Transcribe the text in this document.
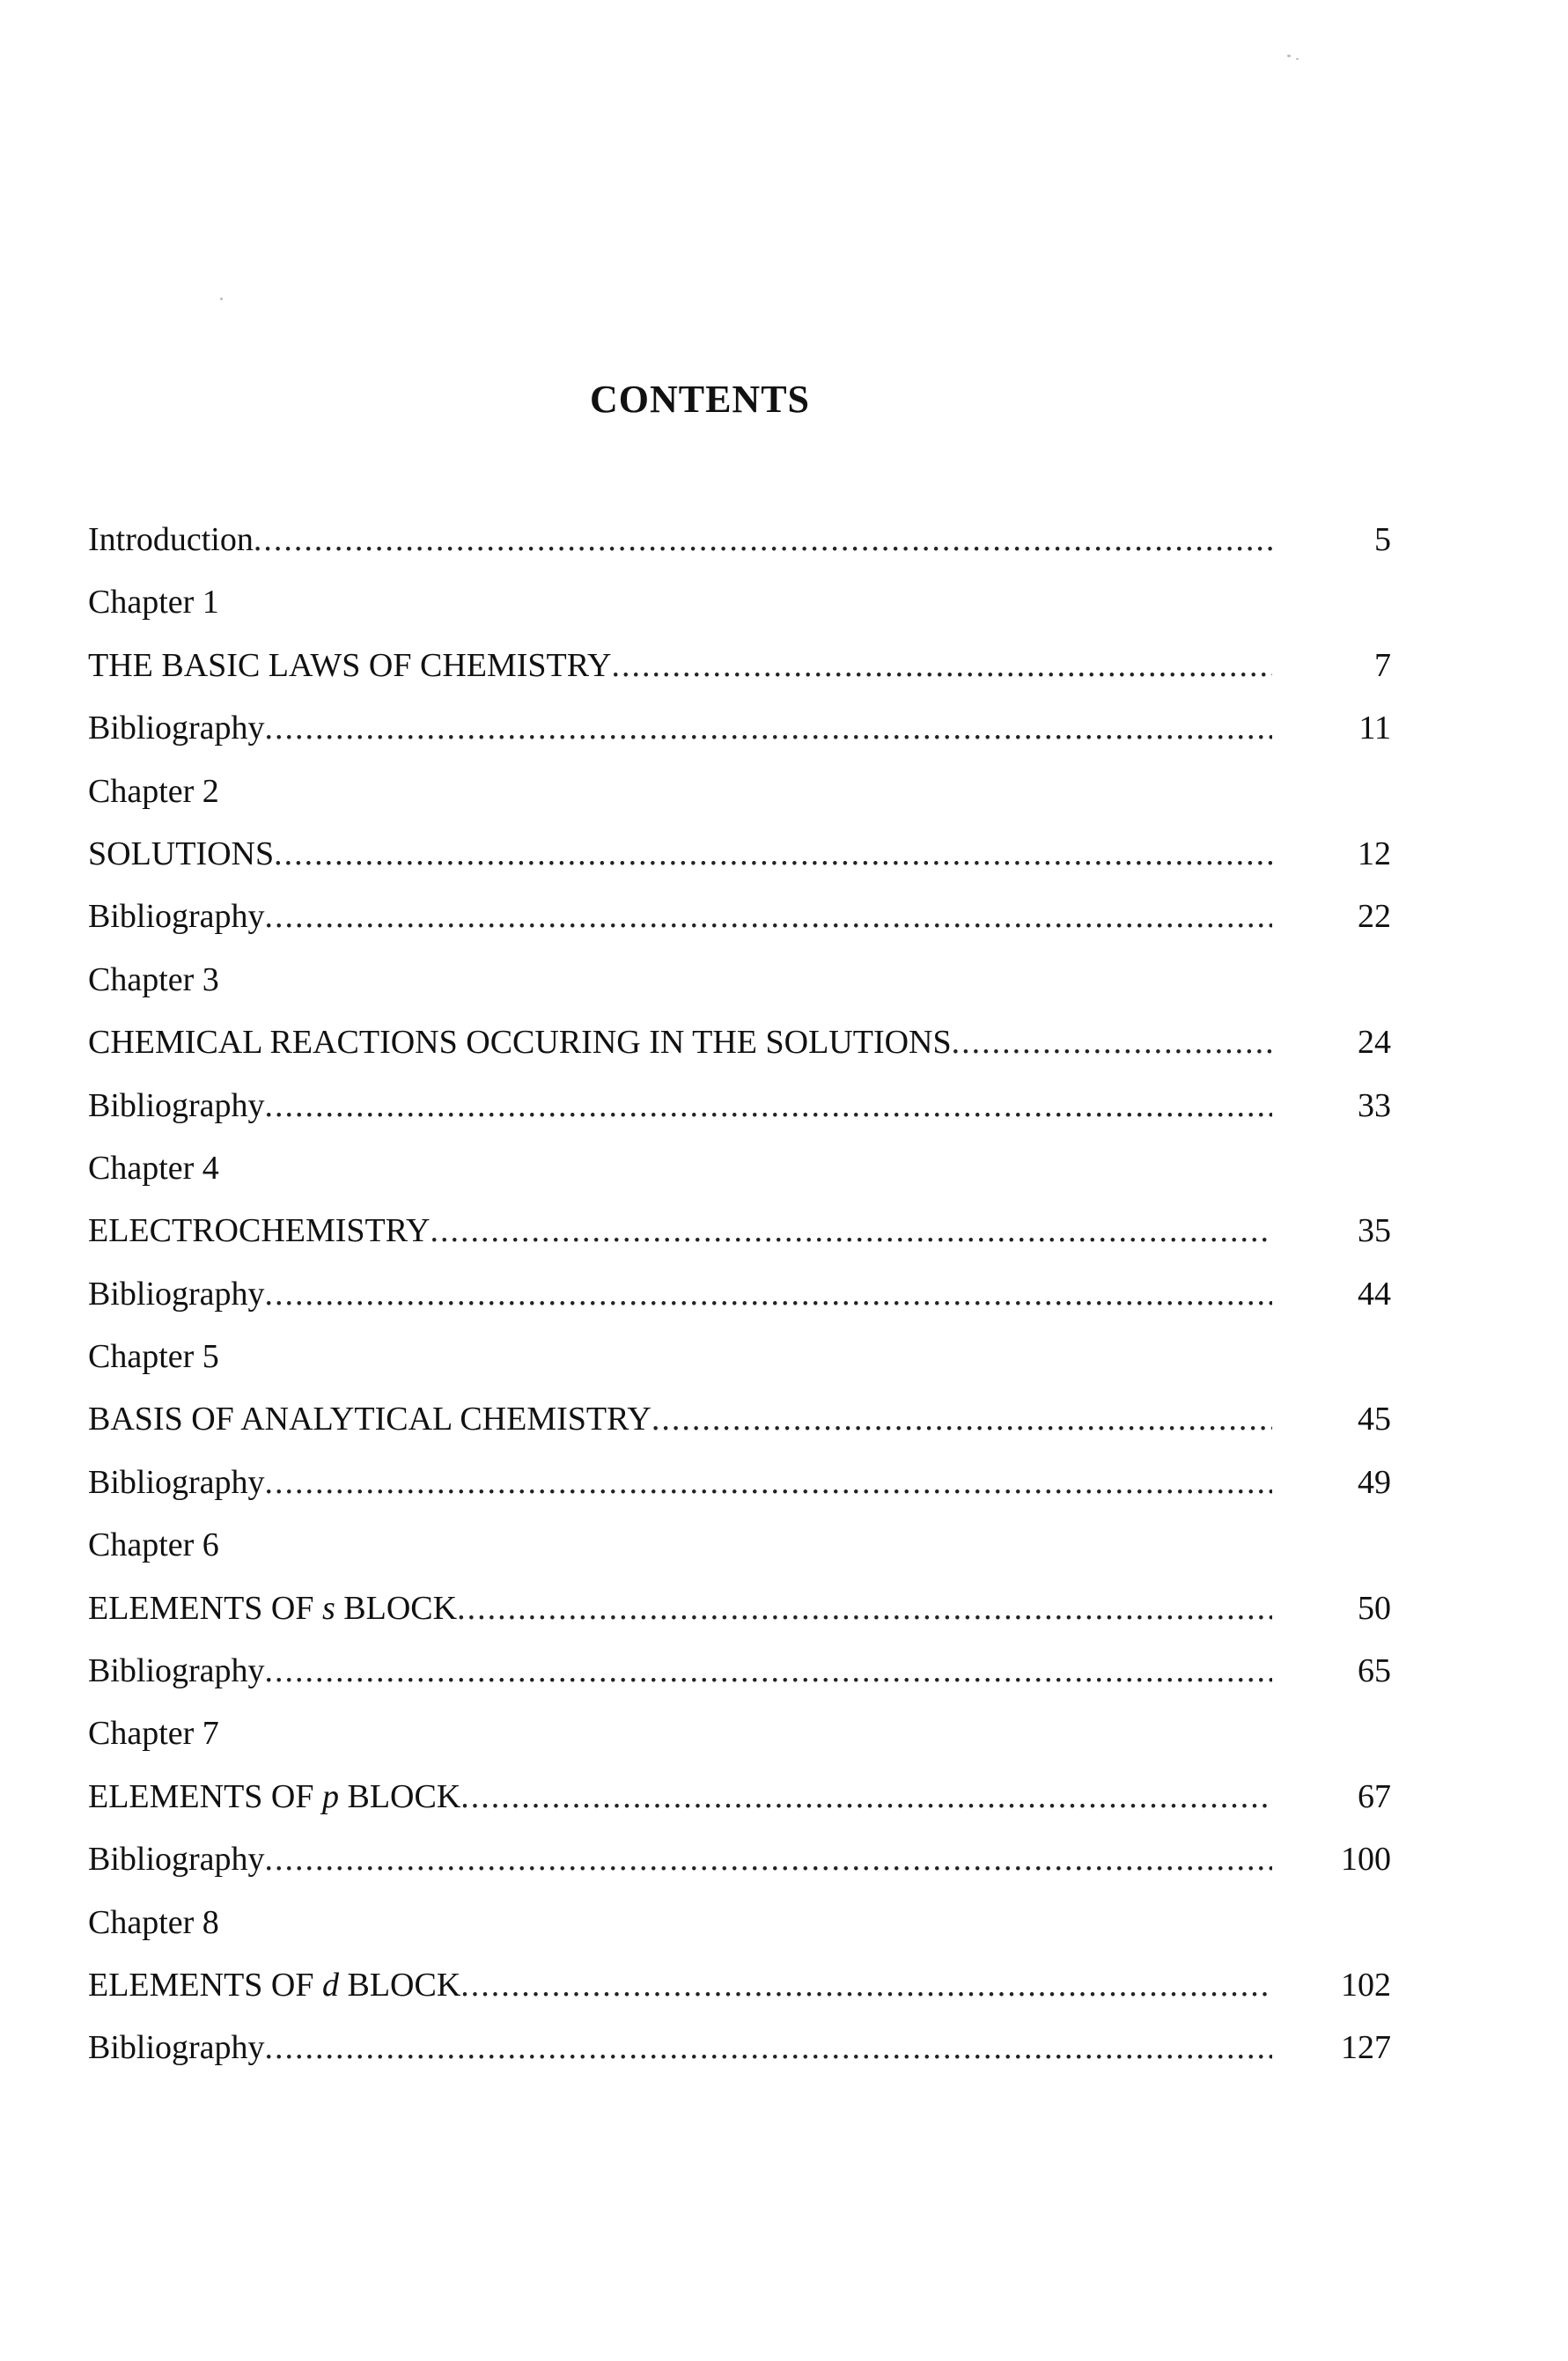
CONTENTS
Introduction .....	5
Chapter 1
THE BASIC LAWS OF CHEMISTRY .....	7
Bibliography .....	11
Chapter 2
SOLUTIONS .....	12
Bibliography .....	22
Chapter 3
CHEMICAL REACTIONS OCCURING IN THE SOLUTIONS .....	24
Bibliography .....	33
Chapter 4
ELECTROCHEMISTRY .....	35
Bibliography .....	44
Chapter 5
BASIS OF ANALYTICAL CHEMISTRY .....	45
Bibliography .....	49
Chapter 6
ELEMENTS OF s BLOCK .....	50
Bibliography .....	65
Chapter 7
ELEMENTS OF p BLOCK .....	67
Bibliography .....	100
Chapter 8
ELEMENTS OF d BLOCK .....	102
Bibliography .....	127
